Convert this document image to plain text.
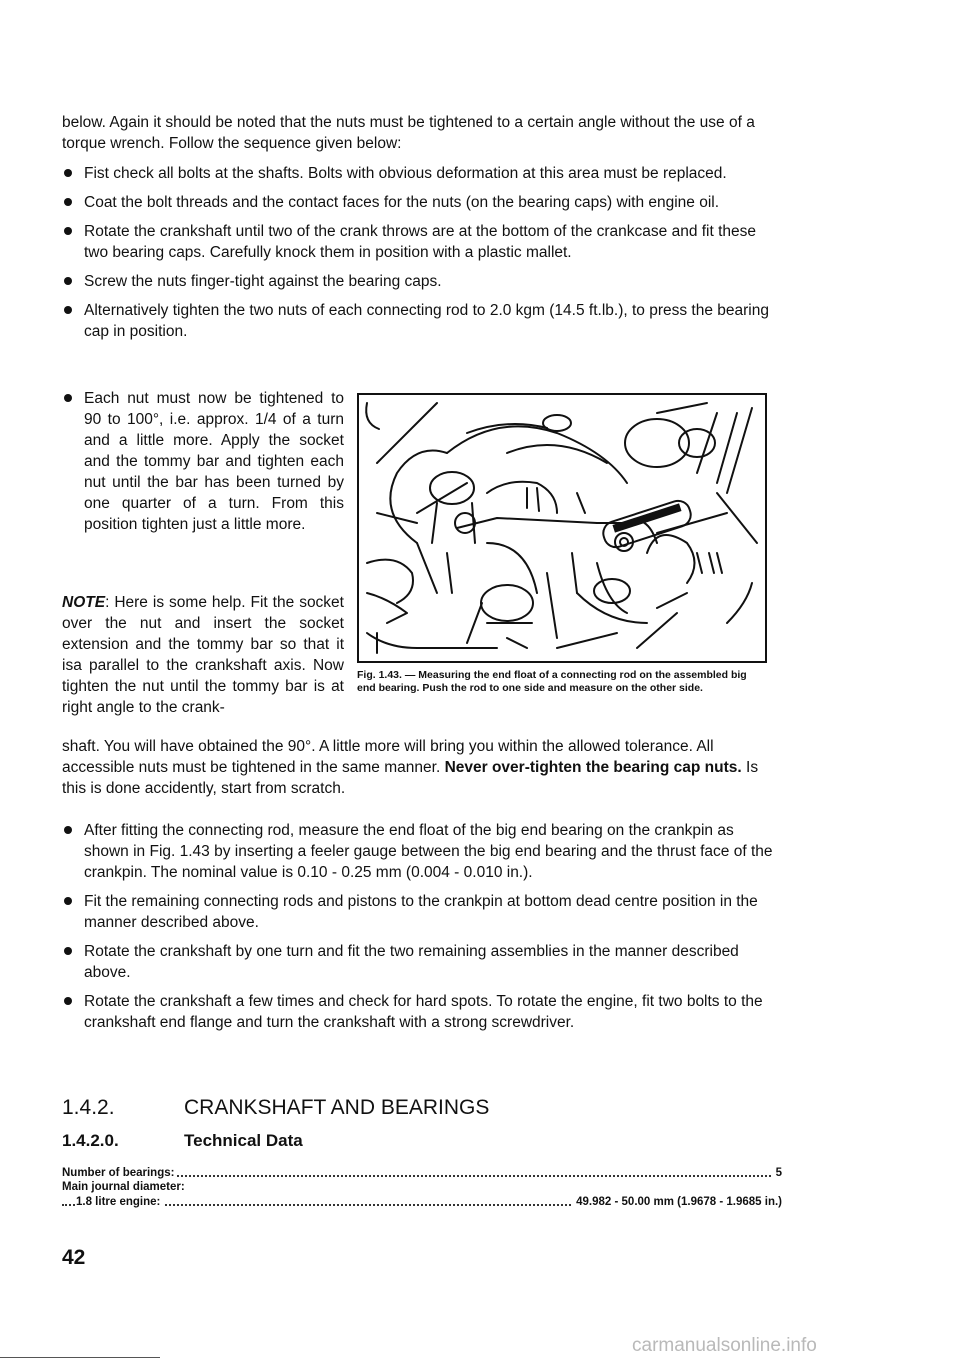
below. Again it should be noted that the nuts must be tightened to a certain angle without the use of a torque wrench. Follow the sequence given below:

Fist check all bolts at the shafts. Bolts with obvious deformation at this area must be replaced.
Coat the bolt threads and the contact faces for the nuts (on the bearing caps) with engine oil.
Rotate the crankshaft until two of the crank throws are at the bottom of the crankcase and fit these two bearing caps. Carefully knock them in position with a plastic mallet.
Screw the nuts finger-tight against the bearing caps.
Alternatively tighten the two nuts of each connecting rod to 2.0 kgm (14.5 ft.lb.), to press the bearing cap in position.
Each nut must now be tightened to 90 to 100°, i.e. approx. 1/4 of a turn and a little more. Apply the socket and the tommy bar and tighten each nut until the bar has been turned by one quarter of a turn. From this position tighten just a little more.

NOTE: Here is some help. Fit the socket over the nut and insert the socket extension and the tommy bar so that it isa parallel to the crankshaft axis. Now tighten the nut until the tommy bar is at right angle to the crank-

Fig. 1.43. — Measuring the end float of a connecting rod on the assembled big end bearing. Push the rod to one side and measure on the other side.

shaft. You will have obtained the 90°. A little more will bring you within the allowed tolerance. All accessible nuts must be tightened in the same manner. Never over-tighten the bearing cap nuts. Is this is done accidently, start from scratch.

After fitting the connecting rod, measure the end float of the big end bearing on the crankpin as shown in Fig. 1.43 by inserting a feeler gauge between the big end bearing and the thrust face of the crankpin. The nominal value is 0.10 - 0.25 mm (0.004 - 0.010 in.).
Fit the remaining connecting rods and pistons to the crankpin at bottom dead centre position in the manner described above.
Rotate the crankshaft by one turn and fit the two remaining assemblies in the manner described above.
Rotate the crankshaft a few times and check for hard spots. To rotate the engine, fit two bolts to the crankshaft end flange and turn the crankshaft with a strong screwdriver.
1.4.2.	CRANKSHAFT AND BEARINGS
1.4.2.0.	Technical Data

Number of bearings:	5

Main journal diameter:

1.8 litre engine:	49.982 - 50.00 mm (1.9678 - 1.9685 in.)

42

carmanualsonline.info
